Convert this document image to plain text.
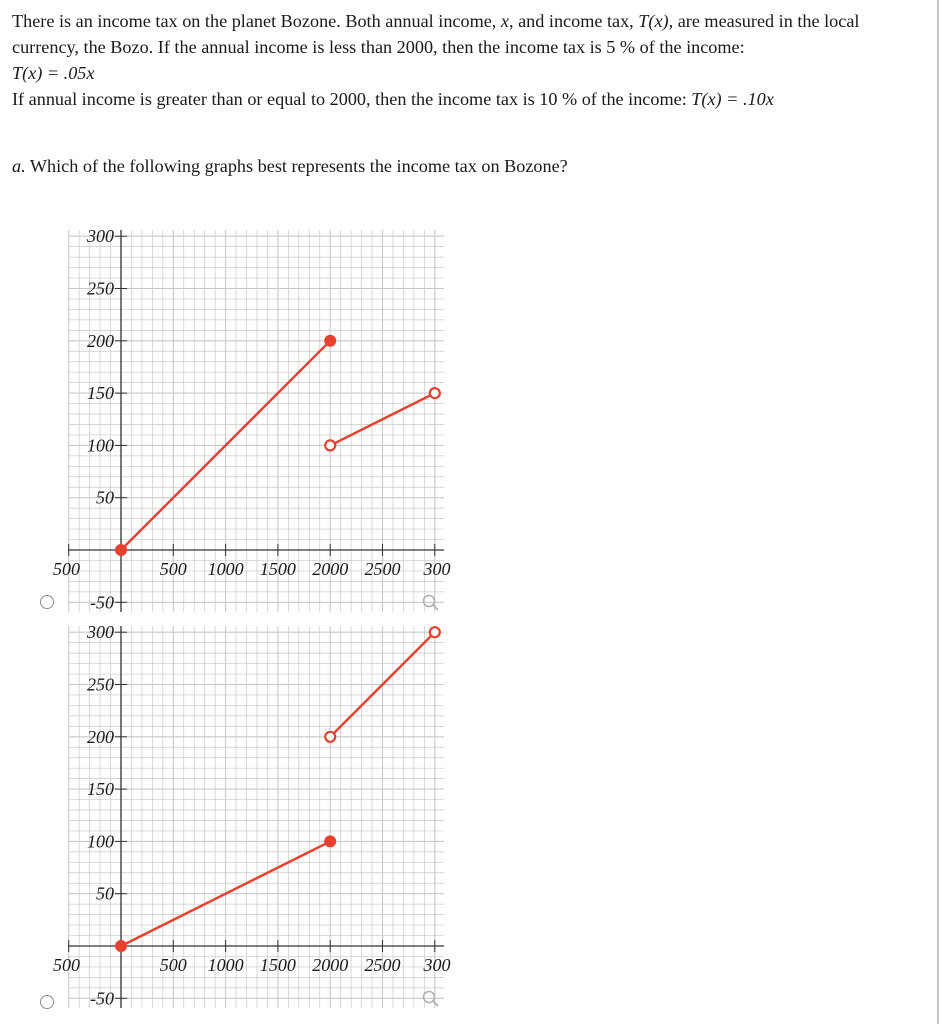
There is an income tax on the planet Bozone. Both annual income, x, and income tax, T(x), are measured in the local currency, the Bozo. If the annual income is less than 2000, then the income tax is 5 % of the income:

T(x) = .05x

If annual income is greater than or equal to 2000, then the income tax is 10 % of the income: T(x) = .10x

a. Which of the following graphs best represents the income tax on Bozone?
300
250
200
150
100
50
-50
500	500 1000 1500 2000 2500 300
300
250
200
150
100
50
-50
500	500 1000 1500 2000 2500 300
